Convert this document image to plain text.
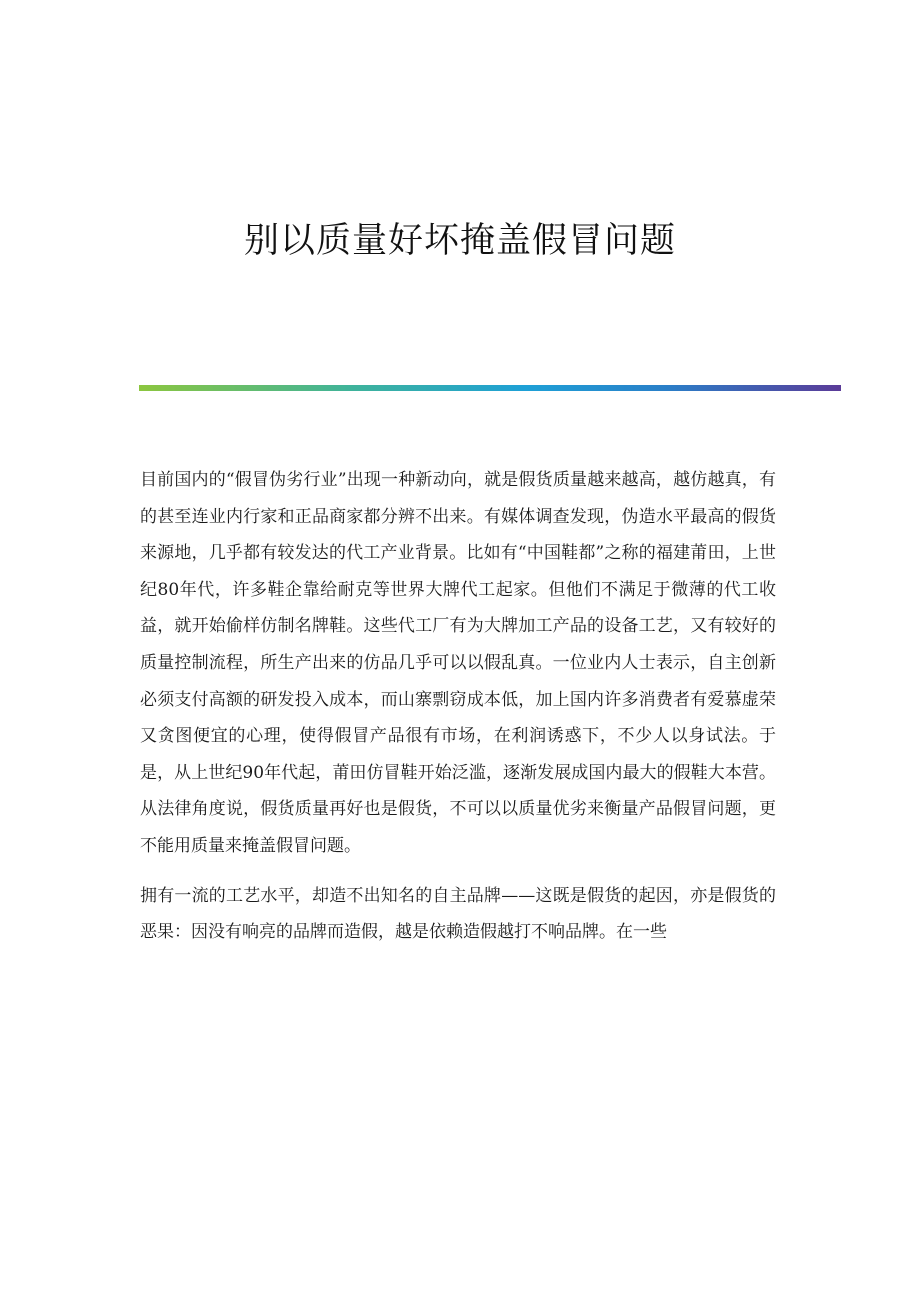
别以质量好坏掩盖假冒问题

目前国内的“假冒伪劣行业”出现一种新动向，就是假货质量越来越高，越仿越真，有的甚至连业内行家和正品商家都分辨不出来。有媒体调查发现，伪造水平最高的假货来源地，几乎都有较发达的代工产业背景。比如有“中国鞋都”之称的福建莆田，上世纪80年代，许多鞋企靠给耐克等世界大牌代工起家。但他们不满足于微薄的代工收益，就开始偷样仿制名牌鞋。这些代工厂有为大牌加工产品的设备工艺，又有较好的质量控制流程，所生产出来的仿品几乎可以以假乱真。一位业内人士表示，自主创新必须支付高额的研发投入成本，而山寨剽窃成本低，加上国内许多消费者有爱慕虚荣又贪图便宜的心理，使得假冒产品很有市场，在利润诱惑下，不少人以身试法。于是，从上世纪90年代起，莆田仿冒鞋开始泛滥，逐渐发展成国内最大的假鞋大本营。从法律角度说，假货质量再好也是假货，不可以以质量优劣来衡量产品假冒问题，更不能用质量来掩盖假冒问题。

拥有一流的工艺水平，却造不出知名的自主品牌——这既是假货的起因，亦是假货的恶果：因没有响亮的品牌而造假，越是依赖造假越打不响品牌。在一些
